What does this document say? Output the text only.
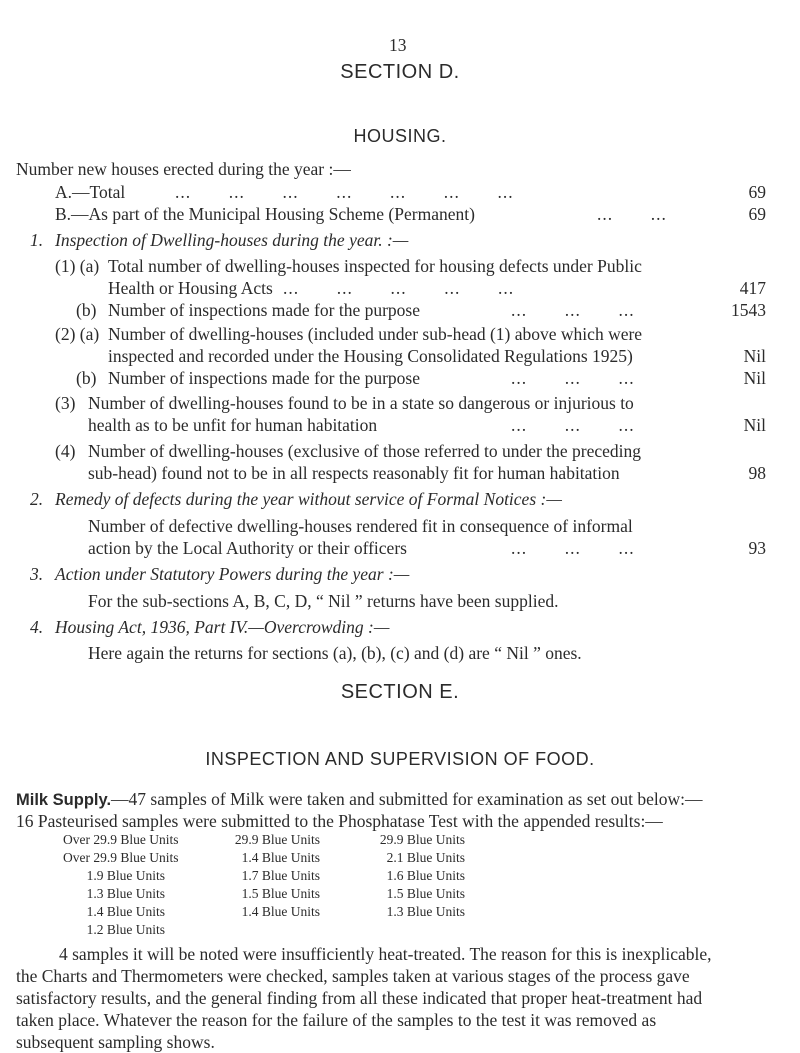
13
SECTION D.
HOUSING.
Number new houses erected during the year :—
A.—Total	... ... ... ... ... ... ...	69
B.—As part of the Municipal Housing Scheme (Permanent)	... ...	69
1. Inspection of Dwelling-houses during the year. :—
(1) (a) Total number of dwelling-houses inspected for housing defects under Public
Health or Housing Acts ... ... ... ... ...	417
(b) Number of inspections made for the purpose	... ... ...	1543
(2) (a) Number of dwelling-houses (included under sub-head (1) above which were
inspected and recorded under the Housing Consolidated Regulations 1925)	Nil
(b) Number of inspections made for the purpose	... ... ...	Nil
(3) Number of dwelling-houses found to be in a state so dangerous or injurious to
health as to be unfit for human habitation	... ... ...	Nil
(4) Number of dwelling-houses (exclusive of those referred to under the preceding
sub-head) found not to be in all respects reasonably fit for human habitation	98
2. Remedy of defects during the year without service of Formal Notices :—
Number of defective dwelling-houses rendered fit in consequence of informal
action by the Local Authority or their officers	... ... ...	93
3. Action under Statutory Powers during the year :—
For the sub-sections A, B, C, D, “ Nil ” returns have been supplied.
4. Housing Act, 1936, Part IV.—Overcrowding :—
Here again the returns for sections (a), (b), (c) and (d) are “ Nil ” ones.
SECTION E.
INSPECTION AND SUPERVISION OF FOOD.
Milk Supply.—47 samples of Milk were taken and submitted for examination as set out below:—
16 Pasteurised samples were submitted to the Phosphatase Test with the appended results:—
Over 29.9 Blue Units	29.9 Blue Units	29.9 Blue Units
Over 29.9 Blue Units	1.4 Blue Units	2.1 Blue Units
1.9 Blue Units	1.7 Blue Units	1.6 Blue Units
1.3 Blue Units	1.5 Blue Units	1.5 Blue Units
1.4 Blue Units	1.4 Blue Units	1.3 Blue Units
1.2 Blue Units
4 samples it will be noted were insufficiently heat-treated. The reason for this is inexplicable,
the Charts and Thermometers were checked, samples taken at various stages of the process gave
satisfactory results, and the general finding from all these indicated that proper heat-treatment had
taken place. Whatever the reason for the failure of the samples to the test it was removed as
subsequent sampling shows.
